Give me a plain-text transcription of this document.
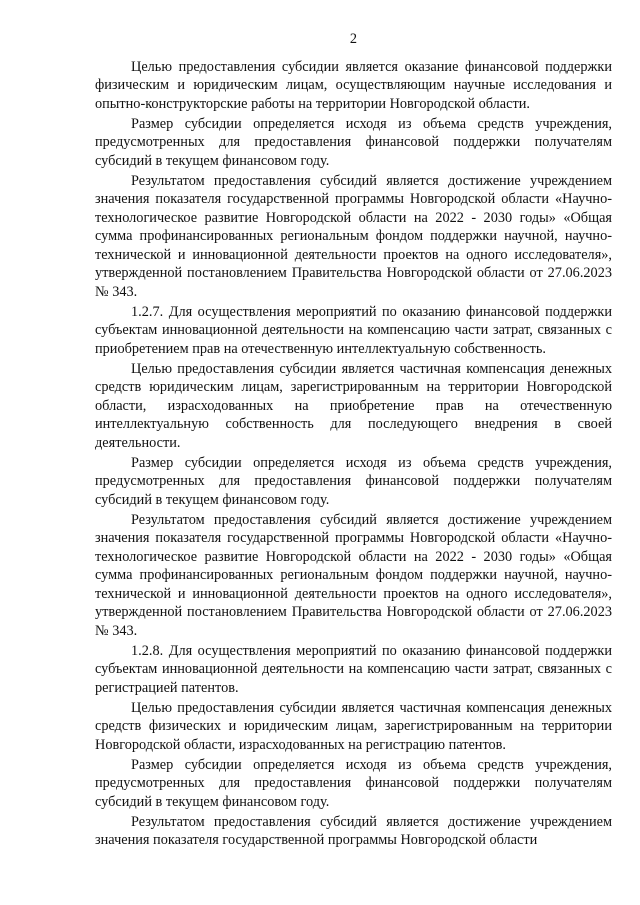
2

Целью предоставления субсидии является оказание финансовой поддержки физическим и юридическим лицам, осуществляющим научные исследования и опытно-конструкторские работы на территории Новгородской области.

Размер субсидии определяется исходя из объема средств учреждения, предусмотренных для предоставления финансовой поддержки получателям субсидий в текущем финансовом году.

Результатом предоставления субсидий является достижение учреждением значения показателя государственной программы Новгородской области «Научно-технологическое развитие Новгородской области на 2022 - 2030 годы» «Общая сумма профинансированных региональным фондом поддержки научной, научно-технической и инновационной деятельности проектов на одного исследователя», утвержденной постановлением Правительства Новгородской области от 27.06.2023 № 343.

1.2.7. Для осуществления мероприятий по оказанию финансовой поддержки субъектам инновационной деятельности на компенсацию части затрат, связанных с приобретением прав на отечественную интеллектуальную собственность.

Целью предоставления субсидии является частичная компенсация денежных средств юридическим лицам, зарегистрированным на территории Новгородской области, израсходованных на приобретение прав на отечественную интеллектуальную собственность для последующего внедрения в своей деятельности.

Размер субсидии определяется исходя из объема средств учреждения, предусмотренных для предоставления финансовой поддержки получателям субсидий в текущем финансовом году.

Результатом предоставления субсидий является достижение учреждением значения показателя государственной программы Новгородской области «Научно-технологическое развитие Новгородской области на 2022 - 2030 годы» «Общая сумма профинансированных региональным фондом поддержки научной, научно-технической и инновационной деятельности проектов на одного исследователя», утвержденной постановлением Правительства Новгородской области от 27.06.2023 № 343.

1.2.8. Для осуществления мероприятий по оказанию финансовой поддержки субъектам инновационной деятельности на компенсацию части затрат, связанных с регистрацией патентов.

Целью предоставления субсидии является частичная компенсация денежных средств физических и юридическим лицам, зарегистрированным на территории Новгородской области, израсходованных на регистрацию патентов.

Размер субсидии определяется исходя из объема средств учреждения, предусмотренных для предоставления финансовой поддержки получателям субсидий в текущем финансовом году.

Результатом предоставления субсидий является достижение учреждением значения показателя государственной программы Новгородской области
